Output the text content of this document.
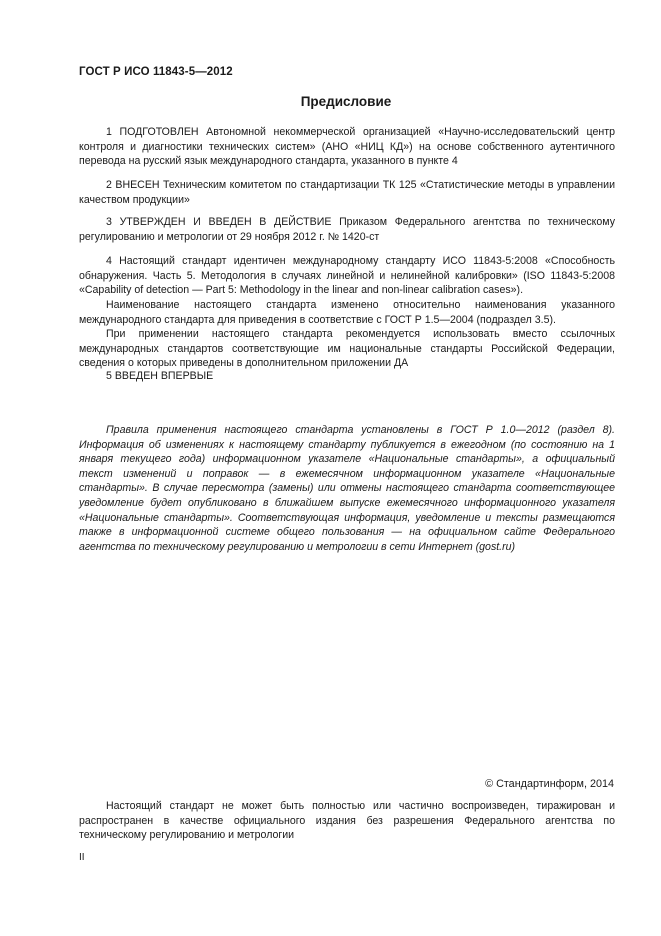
ГОСТ Р ИСО 11843-5—2012
Предисловие

1 ПОДГОТОВЛЕН Автономной некоммерческой организацией «Научно-исследовательский центр контроля и диагностики технических систем» (АНО «НИЦ КД») на основе собственного аутентичного перевода на русский язык международного стандарта, указанного в пункте 4

2 ВНЕСЕН Техническим комитетом по стандартизации ТК 125 «Статистические методы в управлении качеством продукции»

3 УТВЕРЖДЕН И ВВЕДЕН В ДЕЙСТВИЕ Приказом Федерального агентства по техническому регулированию и метрологии от 29 ноября 2012 г. № 1420-ст

4 Настоящий стандарт идентичен международному стандарту ИСО 11843-5:2008 «Способность обнаружения. Часть 5. Методология в случаях линейной и нелинейной калибровки» (ISO 11843-5:2008 «Capability of detection — Part 5: Methodology in the linear and non-linear calibration cases»).

Наименование настоящего стандарта изменено относительно наименования указанного международного стандарта для приведения в соответствие с ГОСТ Р 1.5—2004 (подраздел 3.5).

При применении настоящего стандарта рекомендуется использовать вместо ссылочных международных стандартов соответствующие им национальные стандарты Российской Федерации, сведения о которых приведены в дополнительном приложении ДА

5 ВВЕДЕН ВПЕРВЫЕ

Правила применения настоящего стандарта установлены в ГОСТ Р 1.0—2012 (раздел 8). Информация об изменениях к настоящему стандарту публикуется в ежегодном (по состоянию на 1 января текущего года) информационном указателе «Национальные стандарты», а официальный текст изменений и поправок — в ежемесячном информационном указателе «Национальные стандарты». В случае пересмотра (замены) или отмены настоящего стандарта соответствующее уведомление будет опубликовано в ближайшем выпуске ежемесячного информационного указателя «Национальные стандарты». Соответствующая информация, уведомление и тексты размещаются также в информационной системе общего пользования — на официальном сайте Федерального агентства по техническому регулированию и метрологии в сети Интернет (gost.ru)

© Стандартинформ, 2014

Настоящий стандарт не может быть полностью или частично воспроизведен, тиражирован и распространен в качестве официального издания без разрешения Федерального агентства по техническому регулированию и метрологии

II
